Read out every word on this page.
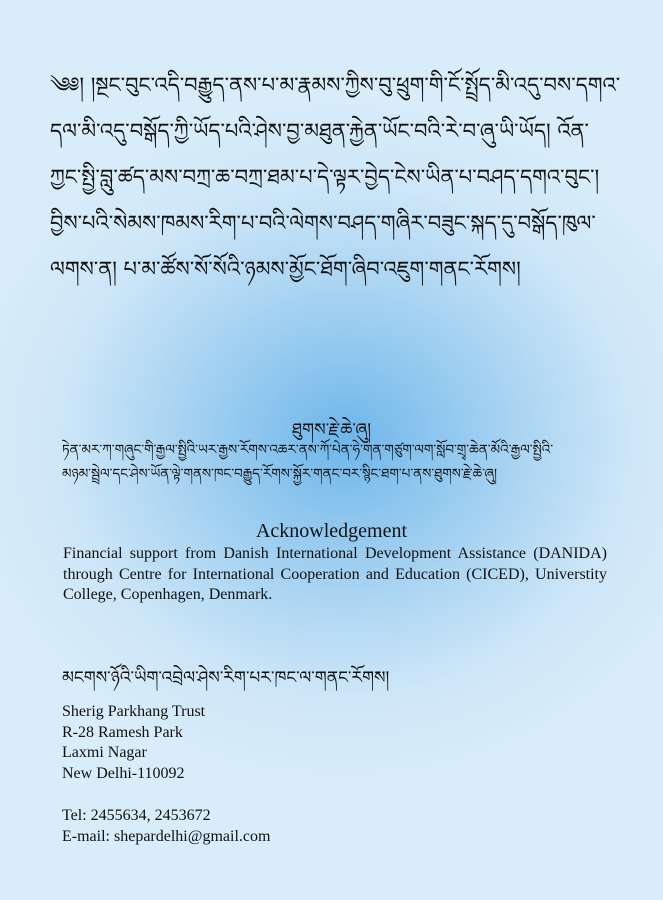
༄༅། །སྔང་བུང་འདི་བརྒྱུད་ནས་པ་མ་རྣམས་ཀྱིས་བུ་ཕྲུག་གི་ངོ་སྤྲོད་མི་འདུ་བས་དགའ་

དལ་མི་འདུ་བསྒོད་ཀྱི་ཡོད་པའི་ཤེས་བྱ་མཐུན་རྐྱེན་ཡོང་བའི་རེ་བ་ཞུ་ཡི་ཡོད། འོན་

ཀྱང་སྤྱི་བླུ་ཚད་མས་བཀྲ་ཆ་བཀྲ་ཐམ་པ་དེ་ལྟར་བྱེད་ངེས་ཡིན་པ་བཤད་དགའ་བུང་།

བྱིས་པའི་སེམས་ཁམས་རིག་པ་བའི་ལེགས་བཤད་གཞིར་བཟུང་སྐད་དུ་བསྒོད་ཁུལ་

ལགས་ན། པ་མ་ཚོས་སོ་སོའི་ཉམས་མྱོང་ཐོག་ཞིབ་འཇུག་གནང་རོགས།

ཐུགས་རྗེ་ཆེ་ཞུ།

ཏེན་མར་ཀ་གཞུང་གི་རྒྱལ་སྤྱིའི་ཡར་རྒྱས་རོགས་འཆར་ནས་ཀོ་པེན་ཧེ་གན་གཙུག་ལག་སློབ་གྲྭ་ཆེན་མོའི་རྒྱལ་སྤྱིའི་

མཉམ་སྦྲེལ་དང་ཤེས་ཡོན་ལྟེ་གནས་ཁང་བརྒྱུད་རོགས་སྐྱོར་གནང་བར་སྙིང་ཐག་པ་ནས་ཐུགས་རྗེ་ཆེ་ཞུ།

Acknowledgement

Financial support from Danish International Development Assistance (DANIDA) through Centre for International Cooperation and Education (CICED), Universtity College, Copenhagen, Denmark.

མངགས་ཉོའི་ཡིག་འབྲེལ་ཤེས་རིག་པར་ཁང་ལ་གནང་རོགས།
Sherig Parkhang Trust
R-28 Ramesh Park
Laxmi Nagar
New Delhi-110092
Tel: 2455634, 2453672
E-mail: shepardelhi@gmail.com
